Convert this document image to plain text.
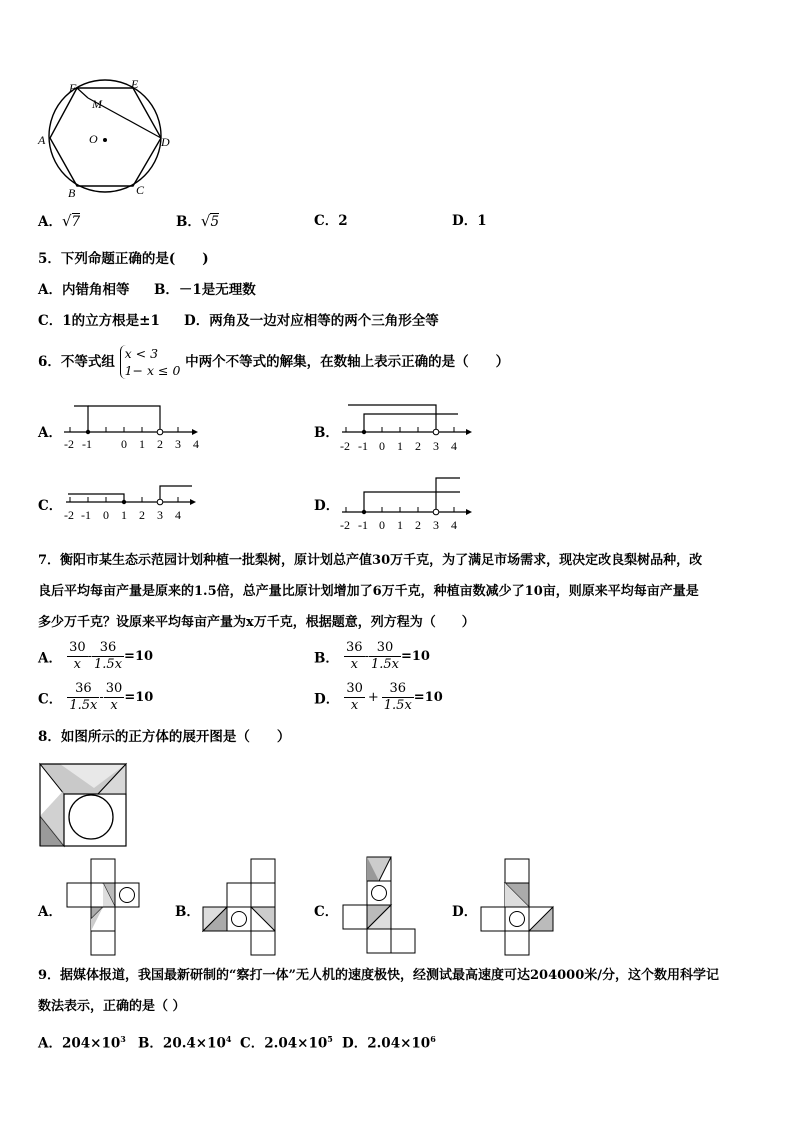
F	E
M
A	O	D
B	C
A．√7	B．√5	C．2	D．1
5．下列命题正确的是(　　)
A．内错角相等 B．－1是无理数
C．1的立方根是±1 D．两角及一边对应相等的两个三角形全等
6．不等式组
x < 3
1− x ≤ 0
中两个不等式的解集，在数轴上表示正确的是（　　）
A．
-2 -1 0 1 2 3 4
B．
-2 -1 0 1 2 3 4
C．
-2 -1 0 1 2 3 4
D．
-2 -1 0 1 2 3 4
7．衡阳市某生态示范园计划种植一批梨树，原计划总产值30万千克，为了满足市场需求，现决定改良梨树品种，改
良后平均每亩产量是原来的1.5倍，总产量比原计划增加了6万千克，种植亩数减少了10亩，则原来平均每亩产量是
多少万千克？设原来平均每亩产量为x万千克，根据题意，列方程为（　　）
A． $\frac{30}{x} - \frac{36}{1.5x} =10$	B． $\frac{36}{x} - \frac{30}{1.5x} =10$
C． $\frac{36}{1.5x} - \frac{30}{x} =10$	D． $\frac{30}{x} + \frac{36}{1.5x} =10$
8．如图所示的正方体的展开图是（　　）
A．	B．	C．	D．
9．据媒体报道，我国最新研制的“察打一体”无人机的速度极快，经测试最高速度可达204000米/分，这个数用科学记
数法表示，正确的是（ ）
A．$204\times 10^3$ B．$20.4\times 10^4$ C．$2.04\times 10^5$ D．$2.04\times 10^6$
